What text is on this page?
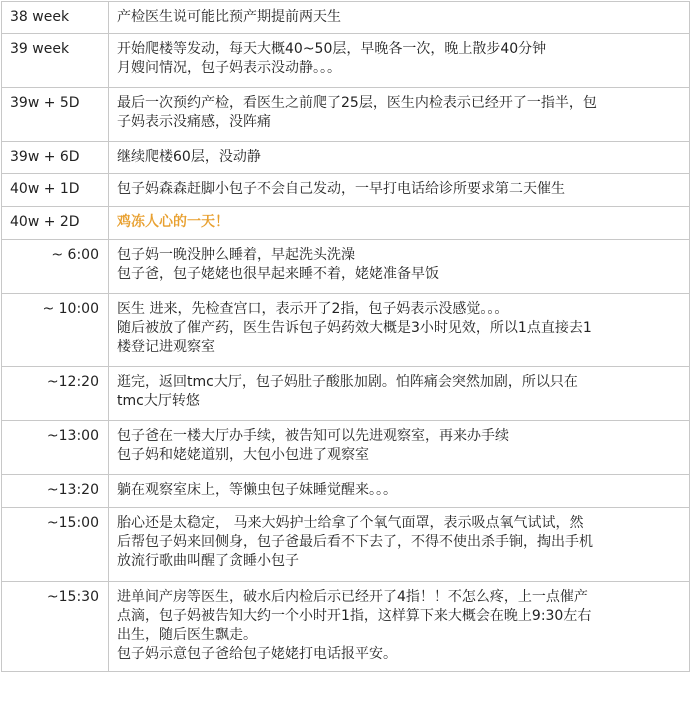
38 week	产检医生说可能比预产期提前两天生

39 week	开始爬楼等发动，每天大概40~50层，早晚各一次，晚上散步40分钟
月嫂问情况，包子妈表示没动静。。。

39w + 5D	最后一次预约产检，看医生之前爬了25层，医生内检表示已经开了一指半，包
子妈表示没痛感，没阵痛

39w + 6D	继续爬楼60层，没动静

40w + 1D	包子妈森森赶脚小包子不会自己发动，一早打电话给诊所要求第二天催生

40w + 2D	鸡冻人心的一天！

~ 6:00	包子妈一晚没肿么睡着，早起洗头洗澡
包子爸，包子姥姥也很早起来睡不着，姥姥准备早饭

~ 10:00	医生 进来，先检查宫口，表示开了2指，包子妈表示没感觉。。。
随后被放了催产药，医生告诉包子妈药效大概是3小时见效，所以1点直接去1
楼登记进观察室

~12:20	逛完，返回tmc大厅，包子妈肚子酸胀加剧。怕阵痛会突然加剧，所以只在
tmc大厅转悠

~13:00	包子爸在一楼大厅办手续，被告知可以先进观察室，再来办手续
包子妈和姥姥道别，大包小包进了观察室

~13:20	躺在观察室床上，等懒虫包子妹睡觉醒来。。。

~15:00	胎心还是太稳定， 马来大妈护士给拿了个氧气面罩，表示吸点氧气试试，然
后帮包子妈来回侧身，包子爸最后看不下去了，不得不使出杀手锏，掏出手机
放流行歌曲叫醒了贪睡小包子

~15:30	进单间产房等医生，破水后内检后示已经开了4指！！不怎么疼，上一点催产
点滴，包子妈被告知大约一个小时开1指，这样算下来大概会在晚上9:30左右
出生，随后医生飘走。
包子妈示意包子爸给包子姥姥打电话报平安。
